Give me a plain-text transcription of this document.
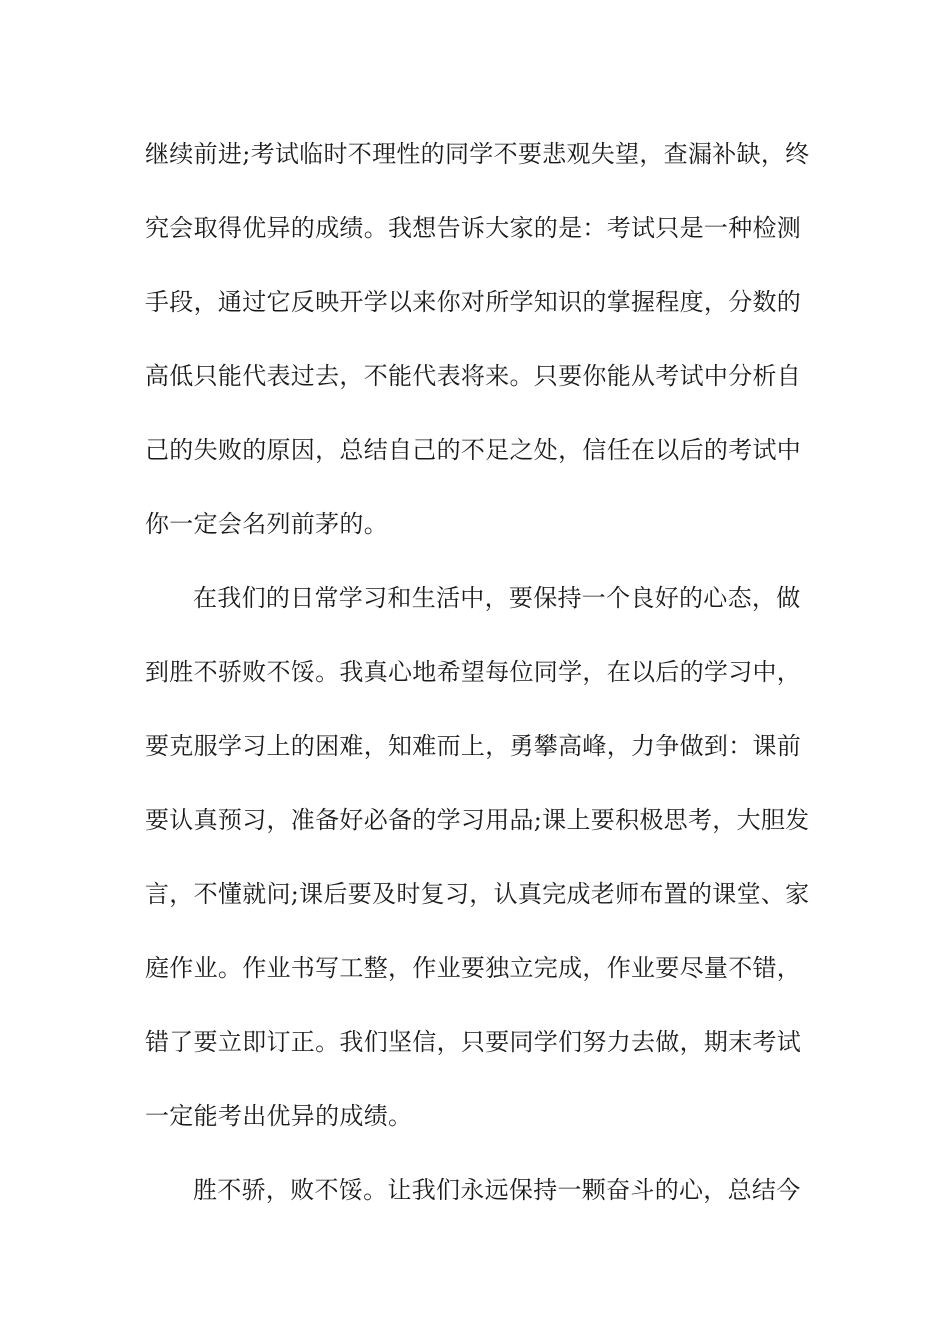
继续前进;考试临时不理性的同学不要悲观失望，查漏补缺，终
究会取得优异的成绩。我想告诉大家的是：考试只是一种检测
手段，通过它反映开学以来你对所学知识的掌握程度，分数的
高低只能代表过去，不能代表将来。只要你能从考试中分析自
己的失败的原因，总结自己的不足之处，信任在以后的考试中
你一定会名列前茅的。
在我们的日常学习和生活中，要保持一个良好的心态，做
到胜不骄败不馁。我真心地希望每位同学，在以后的学习中，
要克服学习上的困难，知难而上，勇攀高峰，力争做到：课前
要认真预习，准备好必备的学习用品;课上要积极思考，大胆发
言，不懂就问;课后要及时复习，认真完成老师布置的课堂、家
庭作业。作业书写工整，作业要独立完成，作业要尽量不错，
错了要立即订正。我们坚信，只要同学们努力去做，期末考试
一定能考出优异的成绩。
胜不骄，败不馁。让我们永远保持一颗奋斗的心，总结今
